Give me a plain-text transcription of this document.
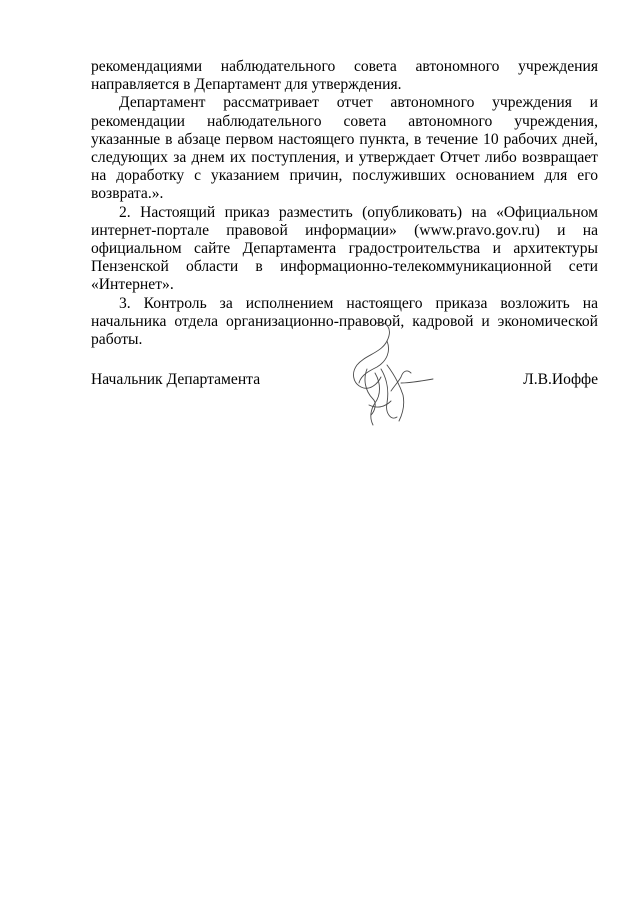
рекомендациями наблюдательного совета автономного учреждения направляется в Департамент для утверждения.

Департамент рассматривает отчет автономного учреждения и рекомендации наблюдательного совета автономного учреждения, указанные в абзаце первом настоящего пункта, в течение 10 рабочих дней, следующих за днем их поступления, и утверждает Отчет либо возвращает на доработку с указанием причин, послуживших основанием для его возврата.».

2. Настоящий приказ разместить (опубликовать) на «Официальном интернет-портале правовой информации» (www.pravo.gov.ru) и на официальном сайте Департамента градостроительства и архитектуры Пензенской области в информационно-телекоммуникационной сети «Интернет».

3. Контроль за исполнением настоящего приказа возложить на начальника отдела организационно-правовой, кадровой и экономической работы.

Начальник Департамента	Л.В.Иоффе
